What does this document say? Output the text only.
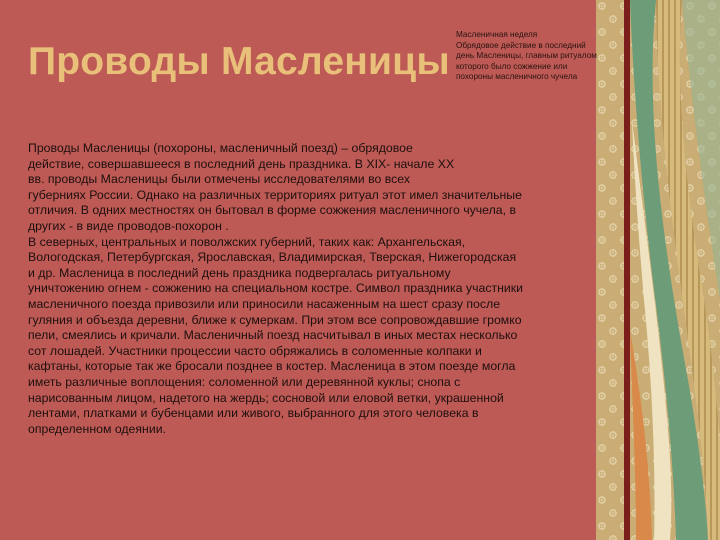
Проводы Масленицы
Масленичная неделя
Обрядовое действие в последний
день Масленицы, главным ритуалом
которого было сожжение или
похороны масленичного чучела
Проводы Масленицы (похороны, масленичный поезд) – обрядовое
действие, совершавшееся в последний день праздника. В XIX- начале XX
вв. проводы Масленицы были отмечены исследователями во всех
губерниях России. Однако на различных территориях ритуал этот имел значительные
отличия. В одних местностях он бытовал в форме сожжения масленичного чучела, в
других - в виде проводов-похорон .
В северных, центральных и поволжских губерний, таких как: Архангельская,
Вологодская, Петербургская, Ярославская, Владимирская, Тверская, Нижегородская
и др. Масленица в последний день праздника подвергалась ритуальному
уничтожению огнем - сожжению на специальном костре. Символ праздника участники
масленичного поезда привозили или приносили насаженным на шест сразу после
гуляния и объезда деревни, ближе к сумеркам. При этом все сопровождавшие громко
пели, смеялись и кричали. Масленичный поезд насчитывал в иных местах несколько
сот лошадей. Участники процессии часто обряжались в соломенные колпаки и
кафтаны, которые так же бросали позднее в костер. Масленица в этом поезде могла
иметь различные воплощения: соломенной или деревянной куклы; снопа с
нарисованным лицом, надетого на жердь; сосновой или еловой ветки, украшенной
лентами, платками и бубенцами или живого, выбранного для этого человека в
определенном одеянии.
